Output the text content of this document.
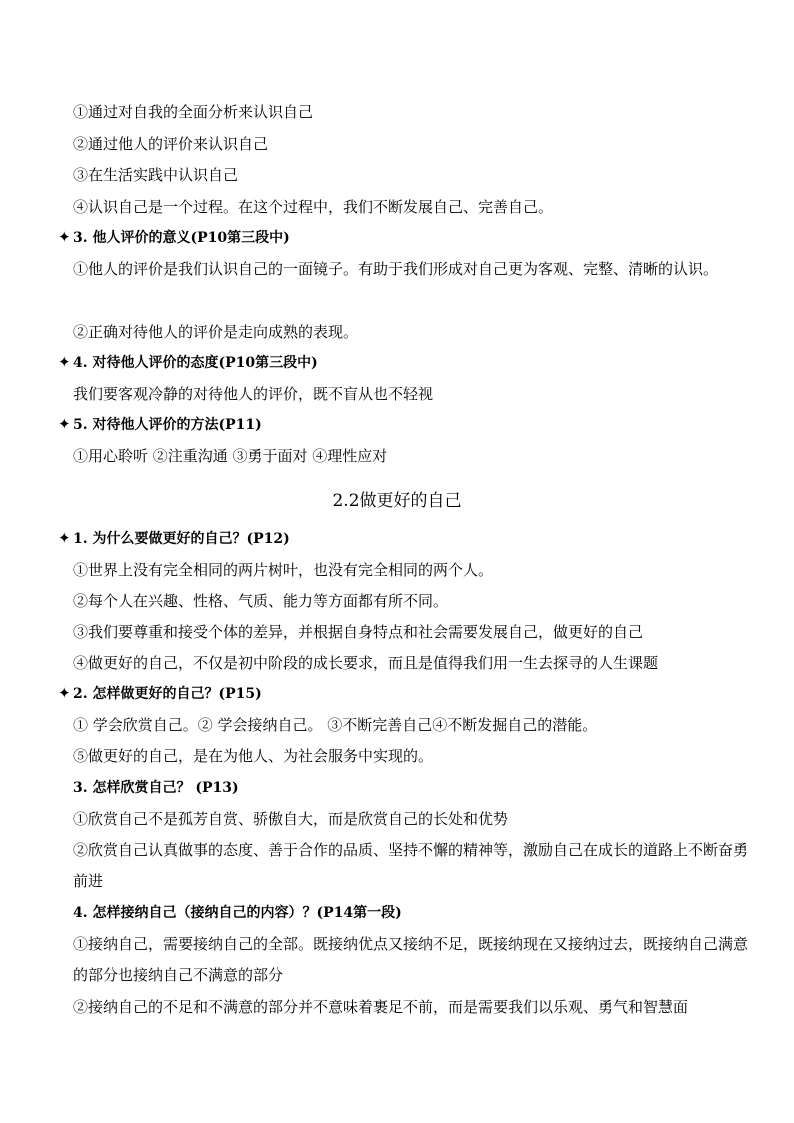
①通过对自我的全面分析来认识自己
②通过他人的评价来认识自己
③在生活实践中认识自己
④认识自己是一个过程。在这个过程中，我们不断发展自己、完善自己。
✦ 3. 他人评价的意义(P10第三段中)
①他人的评价是我们认识自己的一面镜子。有助于我们形成对自己更为客观、完整、清晰的认识。
②正确对待他人的评价是走向成熟的表现。
✦ 4. 对待他人评价的态度(P10第三段中)
我们要客观冷静的对待他人的评价，既不盲从也不轻视
✦ 5. 对待他人评价的方法(P11)
①用心聆听 ②注重沟通 ③勇于面对 ④理性应对
2.2做更好的自己
✦ 1. 为什么要做更好的自己？(P12)
①世界上没有完全相同的两片树叶，也没有完全相同的两个人。
②每个人在兴趣、性格、气质、能力等方面都有所不同。
③我们要尊重和接受个体的差异，并根据自身特点和社会需要发展自己，做更好的自己
④做更好的自己，不仅是初中阶段的成长要求，而且是值得我们用一生去探寻的人生课题
✦ 2. 怎样做更好的自己？(P15)
① 学会欣赏自己。② 学会接纳自己。 ③不断完善自己④不断发掘自己的潜能。
⑤做更好的自己，是在为他人、为社会服务中实现的。
3. 怎样欣赏自己？ (P13)
①欣赏自己不是孤芳自赏、骄傲自大，而是欣赏自己的长处和优势
②欣赏自己认真做事的态度、善于合作的品质、坚持不懈的精神等，激励自己在成长的道路上不断奋勇前进
4. 怎样接纳自己（接纳自己的内容）？(P14第一段)
①接纳自己，需要接纳自己的全部。既接纳优点又接纳不足，既接纳现在又接纳过去，既接纳自己满意的部分也接纳自己不满意的部分
②接纳自己的不足和不满意的部分并不意味着裹足不前，而是需要我们以乐观、勇气和智慧面
